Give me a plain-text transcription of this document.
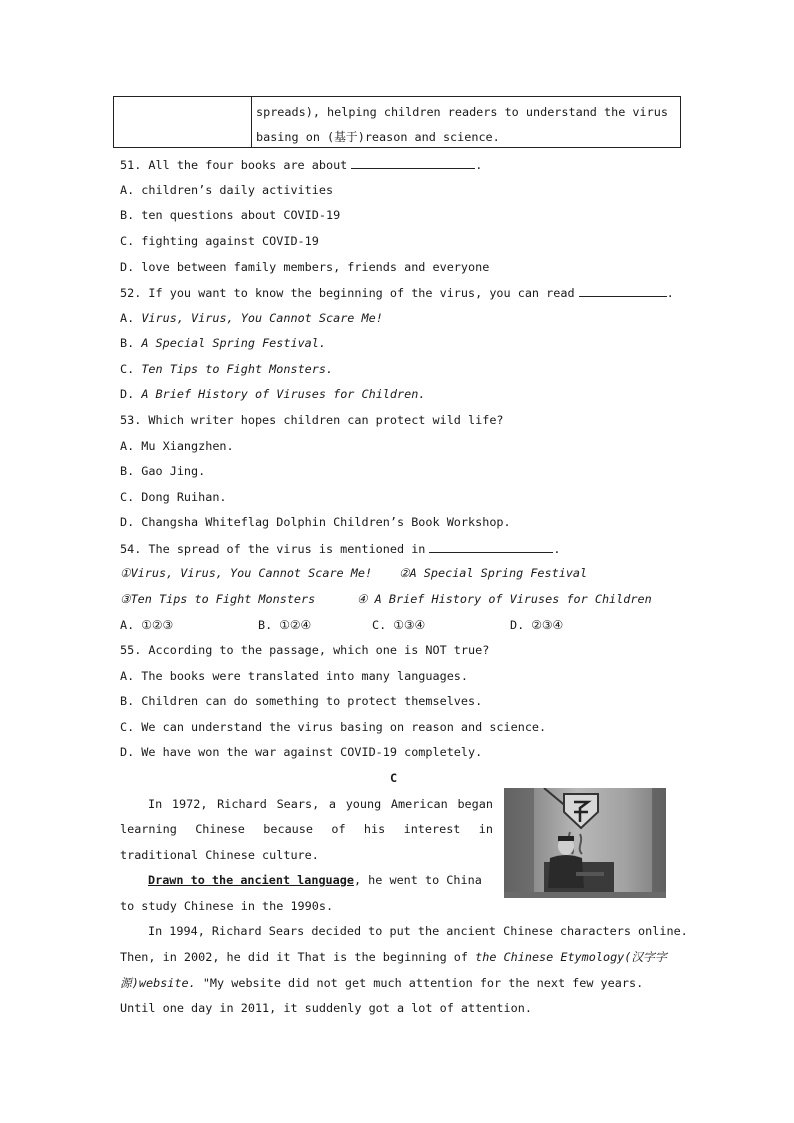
spreads), helping children readers to understand the virus
basing on (基于)reason and science.
51. All the four books are about	.
A. children’s daily activities
B. ten questions about COVID-19
C. fighting against COVID-19
D. love between family members, friends and everyone
52. If you want to know the beginning of the virus, you can read	.
A. Virus, Virus, You Cannot Scare Me!
B. A Special Spring Festival.
C. Ten Tips to Fight Monsters.
D. A Brief History of Viruses for Children.
53. Which writer hopes children can protect wild life?
A. Mu Xiangzhen.
B. Gao Jing.
C. Dong Ruihan.
D. Changsha Whiteflag Dolphin Children’s Book Workshop.
54. The spread of the virus is mentioned in	.
①Virus, Virus, You Cannot Scare Me! ②A Special Spring Festival
③Ten Tips to Fight Monsters	④ A Brief History of Viruses for Children
A. ①②③	B. ①②④	C. ①③④	D. ②③④
55. According to the passage, which one is NOT true?
A. The books were translated into many languages.
B. Children can do something to protect themselves.
C. We can understand the virus basing on reason and science.
D. We have won the war against COVID-19 completely.
C
In 1972, Richard Sears, a young American began
learning Chinese because of his interest in
traditional Chinese culture.
Drawn to the ancient language, he went to China
to study Chinese in the 1990s.
In 1994, Richard Sears decided to put the ancient Chinese characters online.
Then, in 2002, he did it That is the beginning of the Chinese Etymology(汉字字
源)website. "My website did not get much attention for the next few years.
Until one day in 2011, it suddenly got a lot of attention.
